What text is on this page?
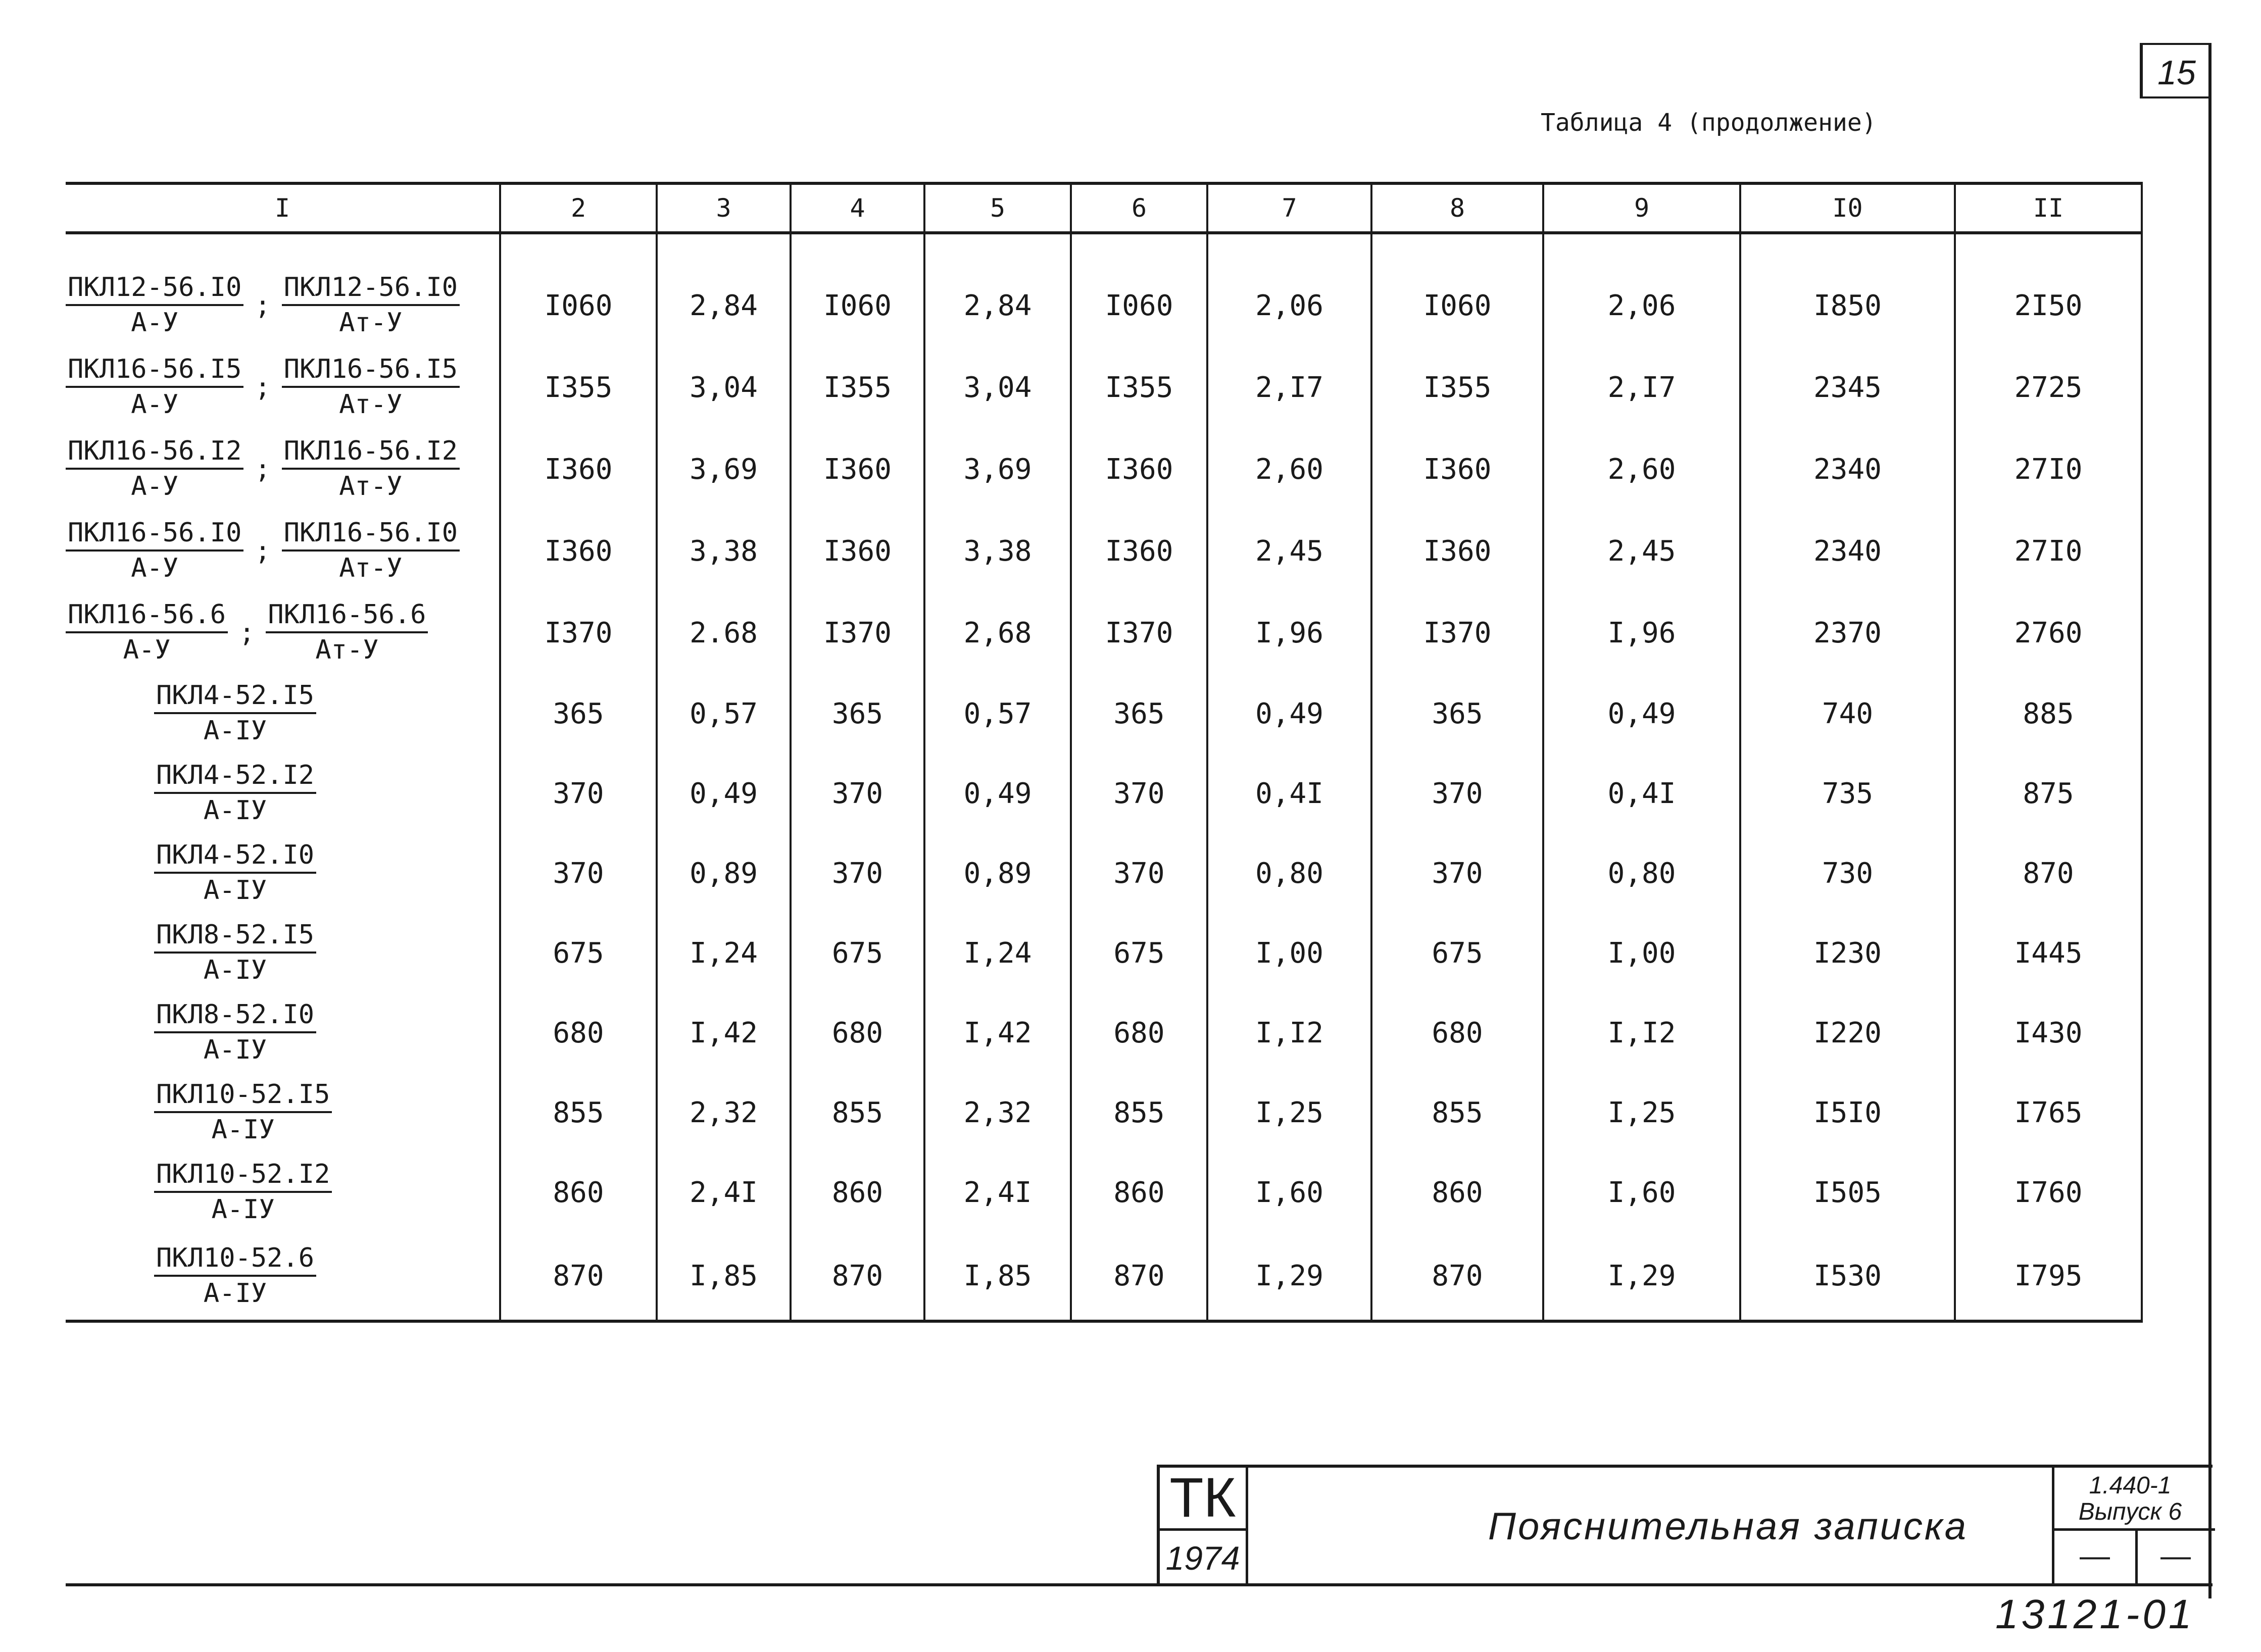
15
Таблица 4 (продолжение)
I	2	3	4	5	6	7	8	9	I0	II

$\frac{\text{ПКЛ12-56.I0}}{А-У}$ ; $\frac{\text{ПКЛ12-56.I0}}{Ат-У}$	I060	2,84	I060	2,84	I060	2,06	I060	2,06	I850	2I50

$\frac{\text{ПКЛ16-56.I5}}{А-У}$ ; $\frac{\text{ПКЛ16-56.I5}}{Ат-У}$	I355	3,04	I355	3,04	I355	2,I7	I355	2,I7	2345	2725

$\frac{\text{ПКЛ16-56.I2}}{А-У}$ ; $\frac{\text{ПКЛ16-56.I2}}{Ат-У}$	I360	3,69	I360	3,69	I360	2,60	I360	2,60	2340	27I0

$\frac{\text{ПКЛ16-56.I0}}{А-У}$ ; $\frac{\text{ПКЛ16-56.I0}}{Ат-У}$	I360	3,38	I360	3,38	I360	2,45	I360	2,45	2340	27I0

$\frac{\text{ПКЛ16-56.6}}{А-У}$ ; $\frac{\text{ПКЛ16-56.6}}{Ат-У}$	I370	2.68	I370	2,68	I370	I,96	I370	I,96	2370	2760

$\frac{\text{ПКЛ4-52.I5}}{А-IУ}$	365	0,57	365	0,57	365	0,49	365	0,49	740	885

$\frac{\text{ПКЛ4-52.I2}}{А-IУ}$	370	0,49	370	0,49	370	0,4I	370	0,4I	735	875

$\frac{\text{ПКЛ4-52.I0}}{А-IУ}$	370	0,89	370	0,89	370	0,80	370	0,80	730	870

$\frac{\text{ПКЛ8-52.I5}}{А-IУ}$	675	I,24	675	I,24	675	I,00	675	I,00	I230	I445

$\frac{\text{ПКЛ8-52.I0}}{А-IУ}$	680	I,42	680	I,42	680	I,I2	680	I,I2	I220	I430

$\frac{\text{ПКЛ10-52.I5}}{А-IУ}$	855	2,32	855	2,32	855	I,25	855	I,25	I5I0	I765

$\frac{\text{ПКЛ10-52.I2}}{А-IУ}$	860	2,4I	860	2,4I	860	I,60	860	I,60	I505	I760

$\frac{\text{ПКЛ10-52.6}}{А-IУ}$	870	I,85	870	I,85	870	I,29	870	I,29	I530	I795
ТК
1974
Пояснительная записка
1.440-1
Выпуск 6
—	—
13121-01
